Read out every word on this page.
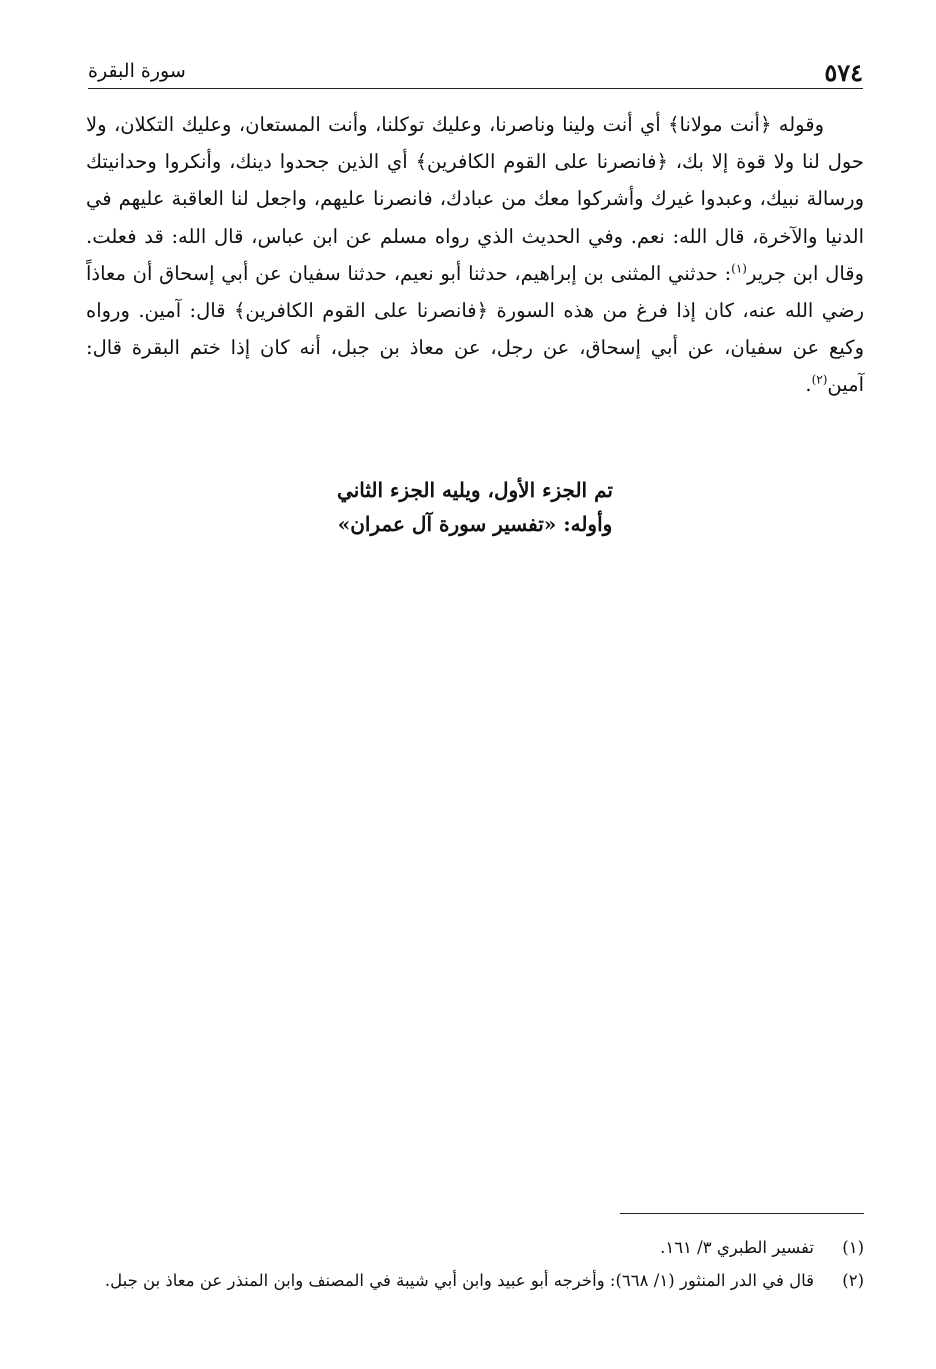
٥٧٤
سورة البقرة

وقوله ﴿أنت مولانا﴾ أي أنت ولينا وناصرنا، وعليك توكلنا، وأنت المستعان، وعليك التكلان، ولا حول لنا ولا قوة إلا بك، ﴿فانصرنا على القوم الكافرين﴾ أي الذين جحدوا دينك، وأنكروا وحدانيتك ورسالة نبيك، وعبدوا غيرك وأشركوا معك من عبادك، فانصرنا عليهم، واجعل لنا العاقبة عليهم في الدنيا والآخرة، قال الله: نعم. وفي الحديث الذي رواه مسلم عن ابن عباس، قال الله: قد فعلت. وقال ابن جرير$^{(١)}$: حدثني المثنى بن إبراهيم، حدثنا أبو نعيم، حدثنا سفيان عن أبي إسحاق أن معاذاً رضي الله عنه، كان إذا فرغ من هذه السورة ﴿فانصرنا على القوم الكافرين﴾ قال: آمين. ورواه وكيع عن سفيان، عن أبي إسحاق، عن رجل، عن معاذ بن جبل، أنه كان إذا ختم البقرة قال: آمين$^{(٢)}$.

تم الجزء الأول، ويليه الجزء الثاني
وأوله: «تفسير سورة آل عمران»
(١)
تفسير الطبري ٣/ ١٦١.
(٢)
قال في الدر المنثور (١/ ٦٦٨): وأخرجه أبو عبيد وابن أبي شيبة في المصنف وابن المنذر عن معاذ بن جبل.
